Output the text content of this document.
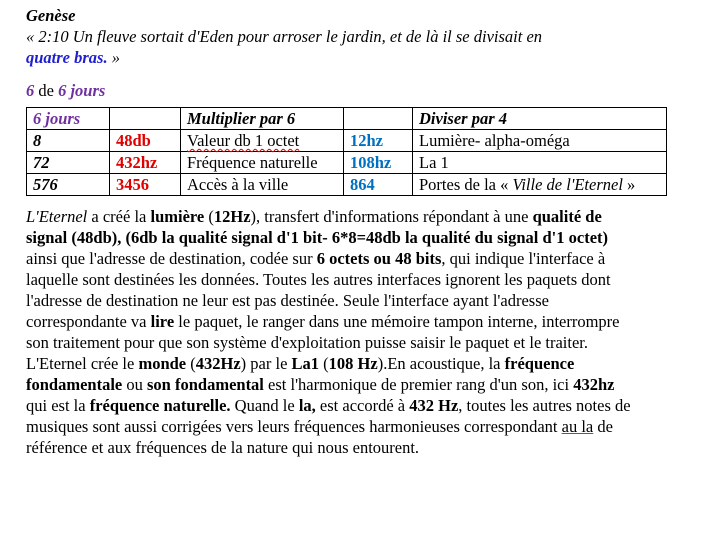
Genèse

« 2:10 Un fleuve sortait d'Eden pour arroser le jardin, et de là il se divisait en
quatre bras. »

6 de 6 jours

6 jours		Multiplier par 6		Diviser par 4
8	48db	Valeur db 1 octet	12hz	Lumière- alpha-oméga
72	432hz	Fréquence naturelle	108hz	La 1
576	3456	Accès à la ville	864	Portes de la « Ville de l'Eternel »

L'Eternel a créé la lumière (12Hz), transfert d'informations répondant à une qualité de signal (48db), (6db la qualité signal d'1 bit- 6*8=48db la qualité du signal d'1 octet) ainsi que l'adresse de destination, codée sur 6 octets ou 48 bits, qui indique l'interface à laquelle sont destinées les données. Toutes les autres interfaces ignorent les paquets dont l'adresse de destination ne leur est pas destinée. Seule l'interface ayant l'adresse correspondante va lire le paquet, le ranger dans une mémoire tampon interne, interrompre son traitement pour que son système d'exploitation puisse saisir le paquet et le traiter. L'Eternel crée le monde (432Hz) par le La1 (108 Hz).En acoustique, la fréquence fondamentale ou son fondamental est l'harmonique de premier rang d'un son, ici 432hz qui est la fréquence naturelle. Quand le la, est accordé à 432 Hz, toutes les autres notes de musiques sont aussi corrigées vers leurs fréquences harmonieuses correspondant au la de référence et aux fréquences de la nature qui nous entourent.
